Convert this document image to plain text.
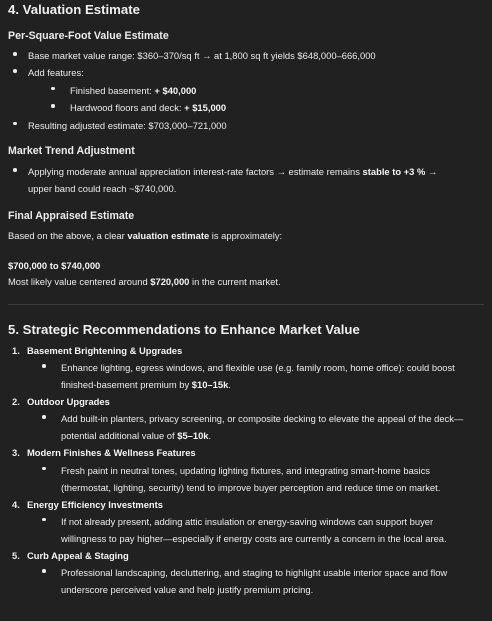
4. Valuation Estimate
Per-Square-Foot Value Estimate
Base market value range: $360–370/sq ft → at 1,800 sq ft yields $648,000–666,000
Add features:
Finished basement: + $40,000
Hardwood floors and deck: + $15,000
Resulting adjusted estimate: $703,000–721,000
Market Trend Adjustment
Applying moderate annual appreciation interest-rate factors → estimate remains stable to +3 % →
upper band could reach ~$740,000.
Final Appraised Estimate

Based on the above, a clear valuation estimate is approximately:

$700,000 to $740,000

Most likely value centered around $720,000 in the current market.

5. Strategic Recommendations to Enhance Market Value
1. Basement Brightening & Upgrades
Enhance lighting, egress windows, and flexible use (e.g. family room, home office): could boost
finished-basement premium by $10–15k.
2. Outdoor Upgrades
Add built-in planters, privacy screening, or composite decking to elevate the appeal of the deck—
potential additional value of $5–10k.
3. Modern Finishes & Wellness Features
Fresh paint in neutral tones, updating lighting fixtures, and integrating smart-home basics
(thermostat, lighting, security) tend to improve buyer perception and reduce time on market.
4. Energy Efficiency Investments
If not already present, adding attic insulation or energy-saving windows can support buyer
willingness to pay higher—especially if energy costs are currently a concern in the local area.
5. Curb Appeal & Staging
Professional landscaping, decluttering, and staging to highlight usable interior space and flow
underscore perceived value and help justify premium pricing.
